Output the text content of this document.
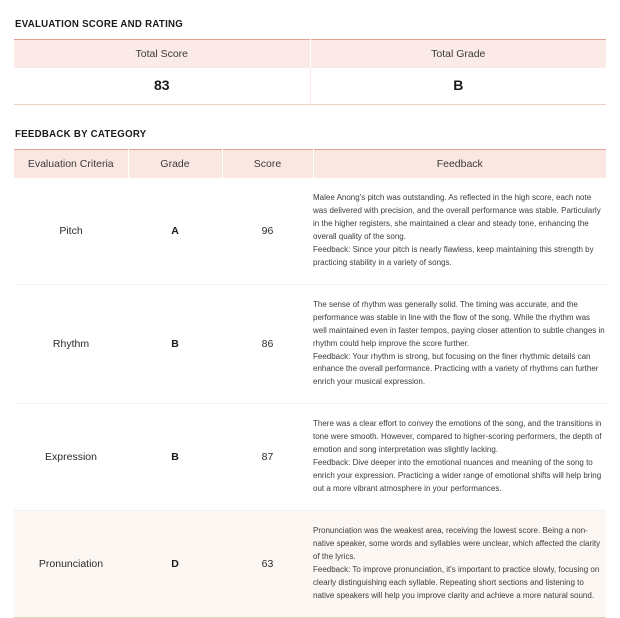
EVALUATION SCORE AND RATING
Total Score	Total Grade
83	B
FEEDBACK BY CATEGORY
Evaluation Criteria	Grade	Score	Feedback
Pitch	A	96	Malee Anong's pitch was outstanding. As reflected in the high score, each note was delivered with precision, and the overall performance was stable. Particularly in the higher registers, she maintained a clear and steady tone, enhancing the overall quality of the song.

Feedback: Since your pitch is nearly flawless, keep maintaining this strength by practicing stability in a variety of songs.

Rhythm	B	86	The sense of rhythm was generally solid. The timing was accurate, and the performance was stable in line with the flow of the song. While the rhythm was well maintained even in faster tempos, paying closer attention to subtle changes in rhythm could help improve the score further.

Feedback: Your rhythm is strong, but focusing on the finer rhythmic details can enhance the overall performance. Practicing with a variety of rhythms can further enrich your musical expression.

Expression	B	87	There was a clear effort to convey the emotions of the song, and the transitions in tone were smooth. However, compared to higher-scoring performers, the depth of emotion and song interpretation was slightly lacking.

Feedback: Dive deeper into the emotional nuances and meaning of the song to enrich your expression. Practicing a wider range of emotional shifts will help bring out a more vibrant atmosphere in your performances.

Pronunciation	D	63	Pronunciation was the weakest area, receiving the lowest score. Being a non-native speaker, some words and syllables were unclear, which affected the clarity of the lyrics.

Feedback: To improve pronunciation, it's important to practice slowly, focusing on clearly distinguishing each syllable. Repeating short sections and listening to native speakers will help you improve clarity and achieve a more natural sound.
